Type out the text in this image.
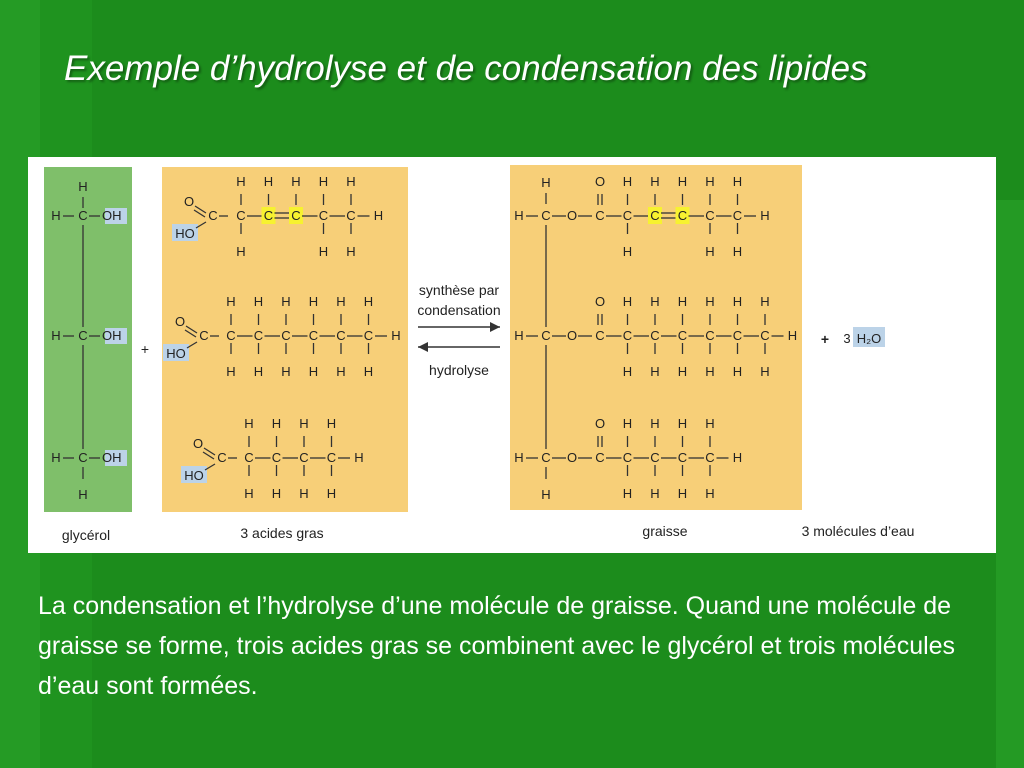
Exemple d’hydrolyse et de condensation des lipides
H
H C OH
H C OH
H C OH
H
O
HO
C C
H
H
C
H
C
H
C
H
H
C
H
H
H
O
HO
C C
H
H
C
H
H
C
H
H
C
H
H
C
H
H
C
H
H
H
O
HO
C C
H
H
C
H
H
C
H
H
C
H
H
H
+
synthèse par
condensation
hydrolyse
H
H C O
H C O
H C O
H
C
O
C
H
H
C
H
C
H
C
H
H
C
H
H
H
C
O
C
H
H
C
H
H
C
H
H
C
H
H
C
H
H
C
H
H
H
C
O
C
H
H
C
H
H
C
H
H
C
H
H
H
+ 3 H₂O
glycérol	3 acides gras	graisse	3 molécules d’eau
La condensation et l’hydrolyse d’une molécule de graisse. Quand une molécule de graisse se forme, trois acides gras se combinent avec le glycérol et trois molécules d’eau sont formées.
